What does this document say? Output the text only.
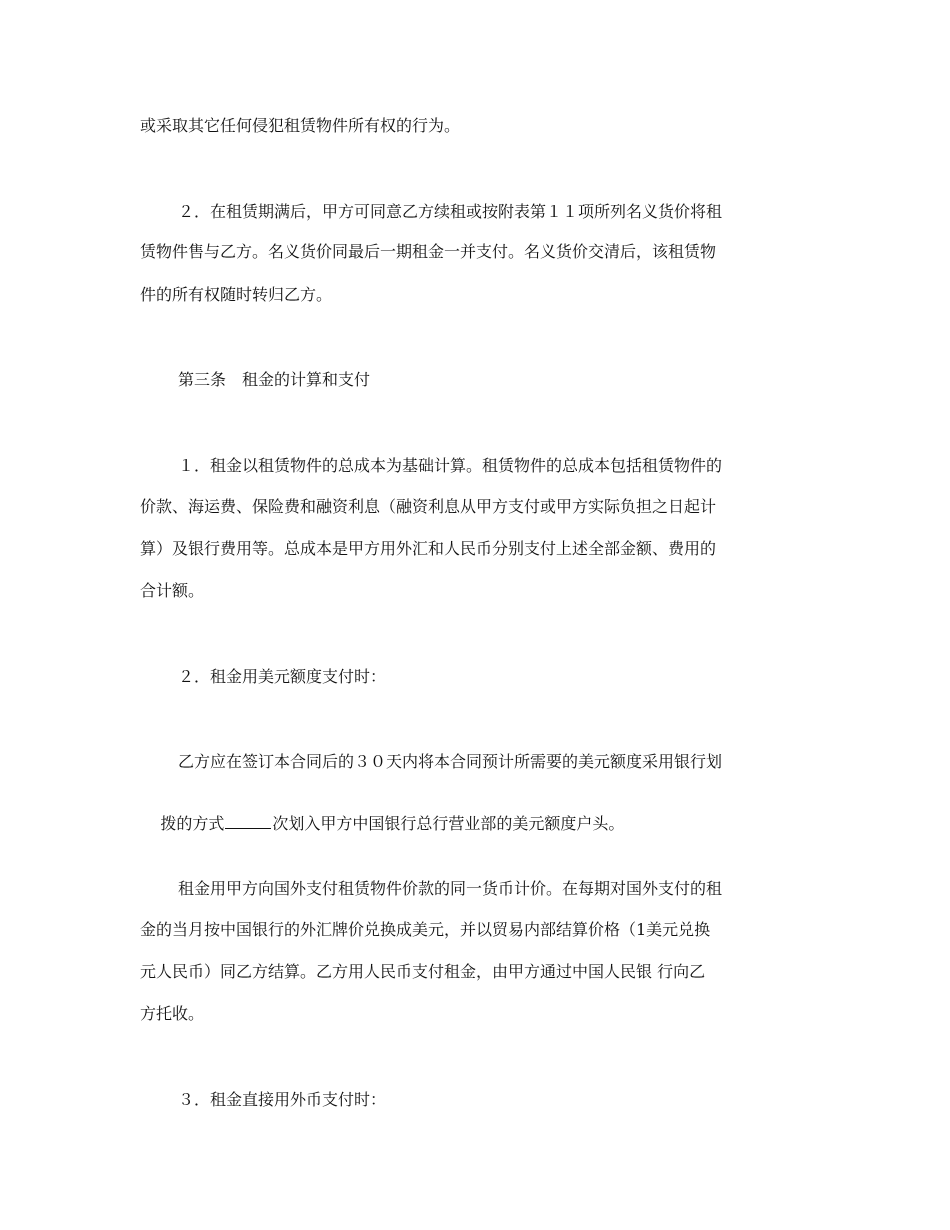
或采取其它任何侵犯租赁物件所有权的行为。
２．在租赁期满后，甲方可同意乙方续租或按附表第１１项所列名义货价将租
赁物件售与乙方。名义货价同最后一期租金一并支付。名义货价交清后，该租赁物
件的所有权随时转归乙方。
第三条　租金的计算和支付
１．租金以租赁物件的总成本为基础计算。租赁物件的总成本包括租赁物件的
价款、海运费、保险费和融资利息（融资利息从甲方支付或甲方实际负担之日起计
算）及银行费用等。总成本是甲方用外汇和人民币分别支付上述全部金额、费用的
合计额。
２．租金用美元额度支付时：
乙方应在签订本合同后的３０天内将本合同预计所需要的美元额度采用银行划

拨的方式	次划入甲方中国银行总行营业部的美元额度户头。

租金用甲方向国外支付租赁物件价款的同一货币计价。在每期对国外支付的租
金的当月按中国银行的外汇牌价兑换成美元，并以贸易内部结算价格（1美元兑换
元人民币）同乙方结算。乙方用人民币支付租金，由甲方通过中国人民银 行向乙
方托收。
３．租金直接用外币支付时：
